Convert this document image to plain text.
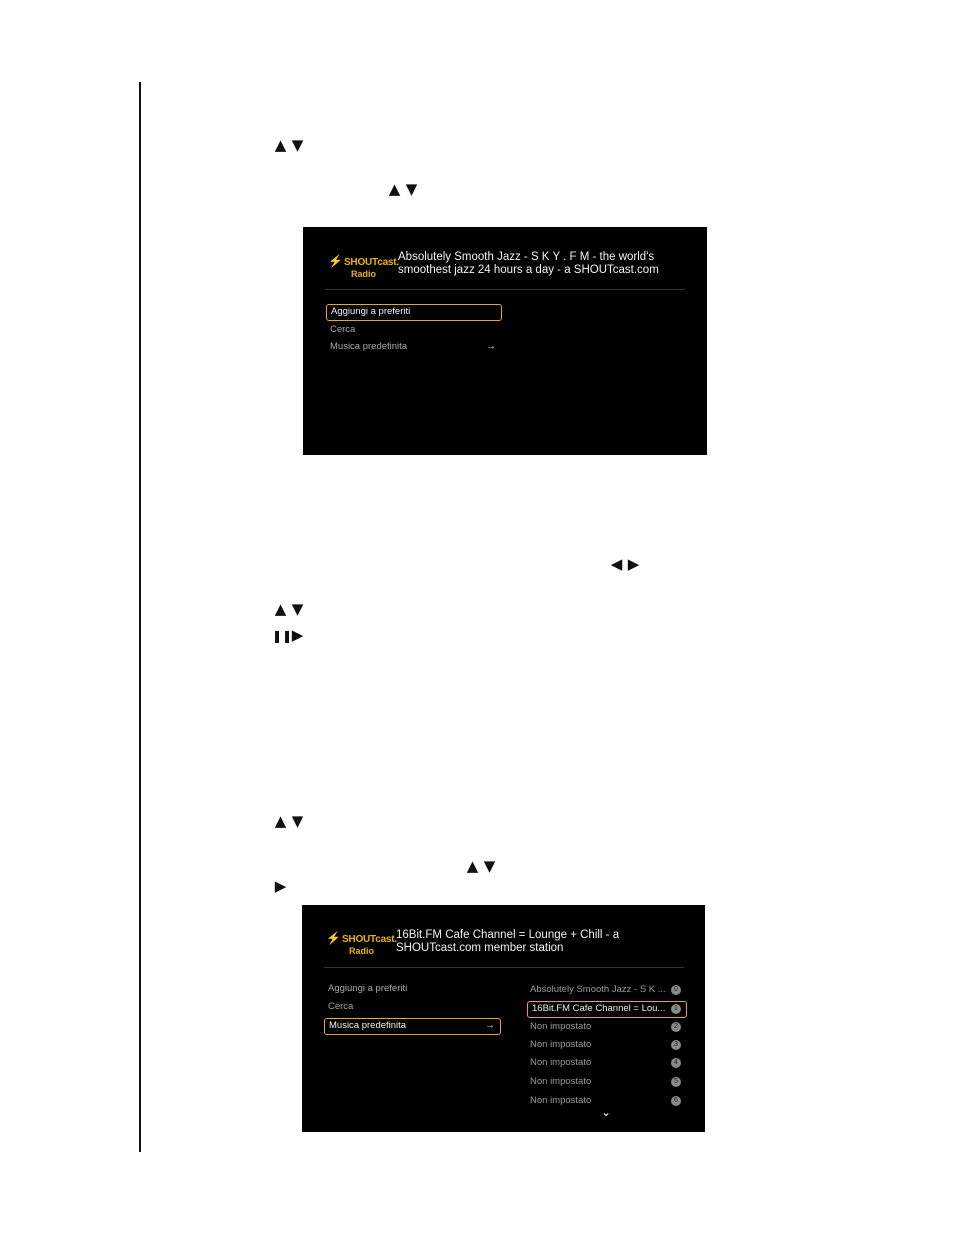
▲ ▼
▲ ▼
⚡SHOUTcast.
Radio
Absolutely Smooth Jazz - S K Y . F M - the world's
smoothest jazz 24 hours a day - a SHOUTcast.com
Aggiungi a preferiti
Cerca
Musica predefinita	→
◀ ▶
▲ ▼
❚❚▶
▲ ▼
▲ ▼
▶
⚡SHOUTcast.
Radio
16Bit.FM Cafe Channel = Lounge + Chill - a
SHOUTcast.com member station
Aggiungi a preferiti
Cerca
Musica predefinita	→
Absolutely Smooth Jazz - S K ...	0
16Bit.FM Cafe Channel = Lou...	1
Non impostato	2
Non impostato	3
Non impostato	4
Non impostato	5
Non impostato	6
⌄
